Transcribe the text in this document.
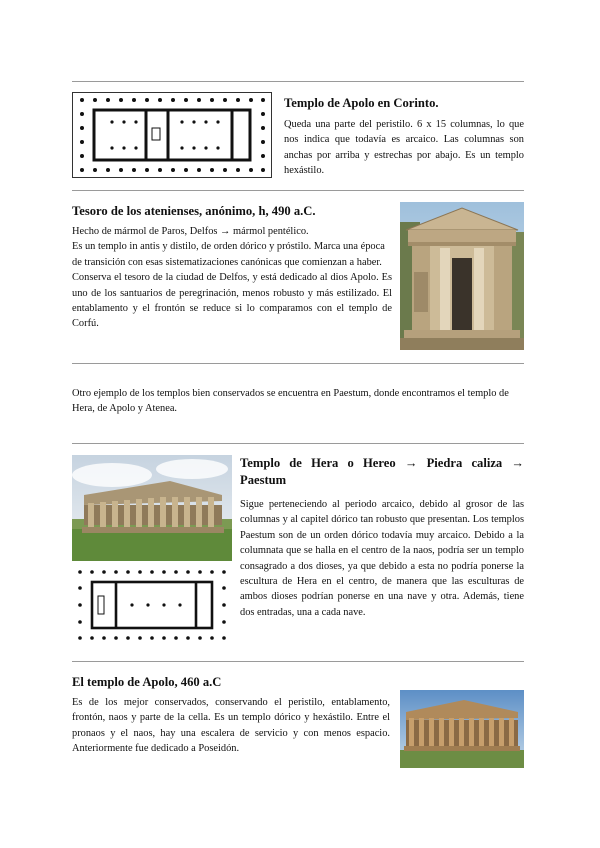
Templo de Apolo en Corinto.
Queda una parte del peristilo. 6 x 15 columnas, lo que nos indica que todavía es arcaico. Las columnas son anchas por arriba y estrechas por abajo. Es un templo hexástilo.
Tesoro de los atenienses, anónimo, h, 490 a.C.

Hecho de mármol de Paros, Delfos → mármol pentélico.

Es un templo in antis y distilo, de orden dórico y próstilo. Marca una época de transición con esas sistematizaciones canónicas que comienzan a haber.

Conserva el tesoro de la ciudad de Delfos, y está dedicado al dios Apolo. Es uno de los santuarios de peregrinación, menos robusto y más estilizado. El entablamento y el frontón se reduce si lo comparamos con el templo de Corfú.

Otro ejemplo de los templos bien conservados se encuentra en Paestum, donde encontramos el templo de Hera, de Apolo y Atenea.
Templo de Hera o Hereo → Piedra caliza → Paestum
Sigue perteneciendo al periodo arcaico, debido al grosor de las columnas y al capitel dórico tan robusto que presentan. Los templos Paestum son de un orden dórico todavía muy arcaico. Debido a la columnata que se halla en el centro de la naos, podría ser un templo consagrado a dos dioses, ya que debido a esta no podría ponerse la escultura de Hera en el centro, de manera que las esculturas de ambos dioses podrían ponerse en una nave y otra. Además, tiene dos entradas, una a cada nave.
El templo de Apolo, 460 a.C
Es de los mejor conservados, conservando el peristilo, entablamento, frontón, naos y parte de la cella. Es un templo dórico y hexástilo. Entre el pronaos y el naos, hay una escalera de servicio y con menos espacio. Anteriormente fue dedicado a Poseidón.
